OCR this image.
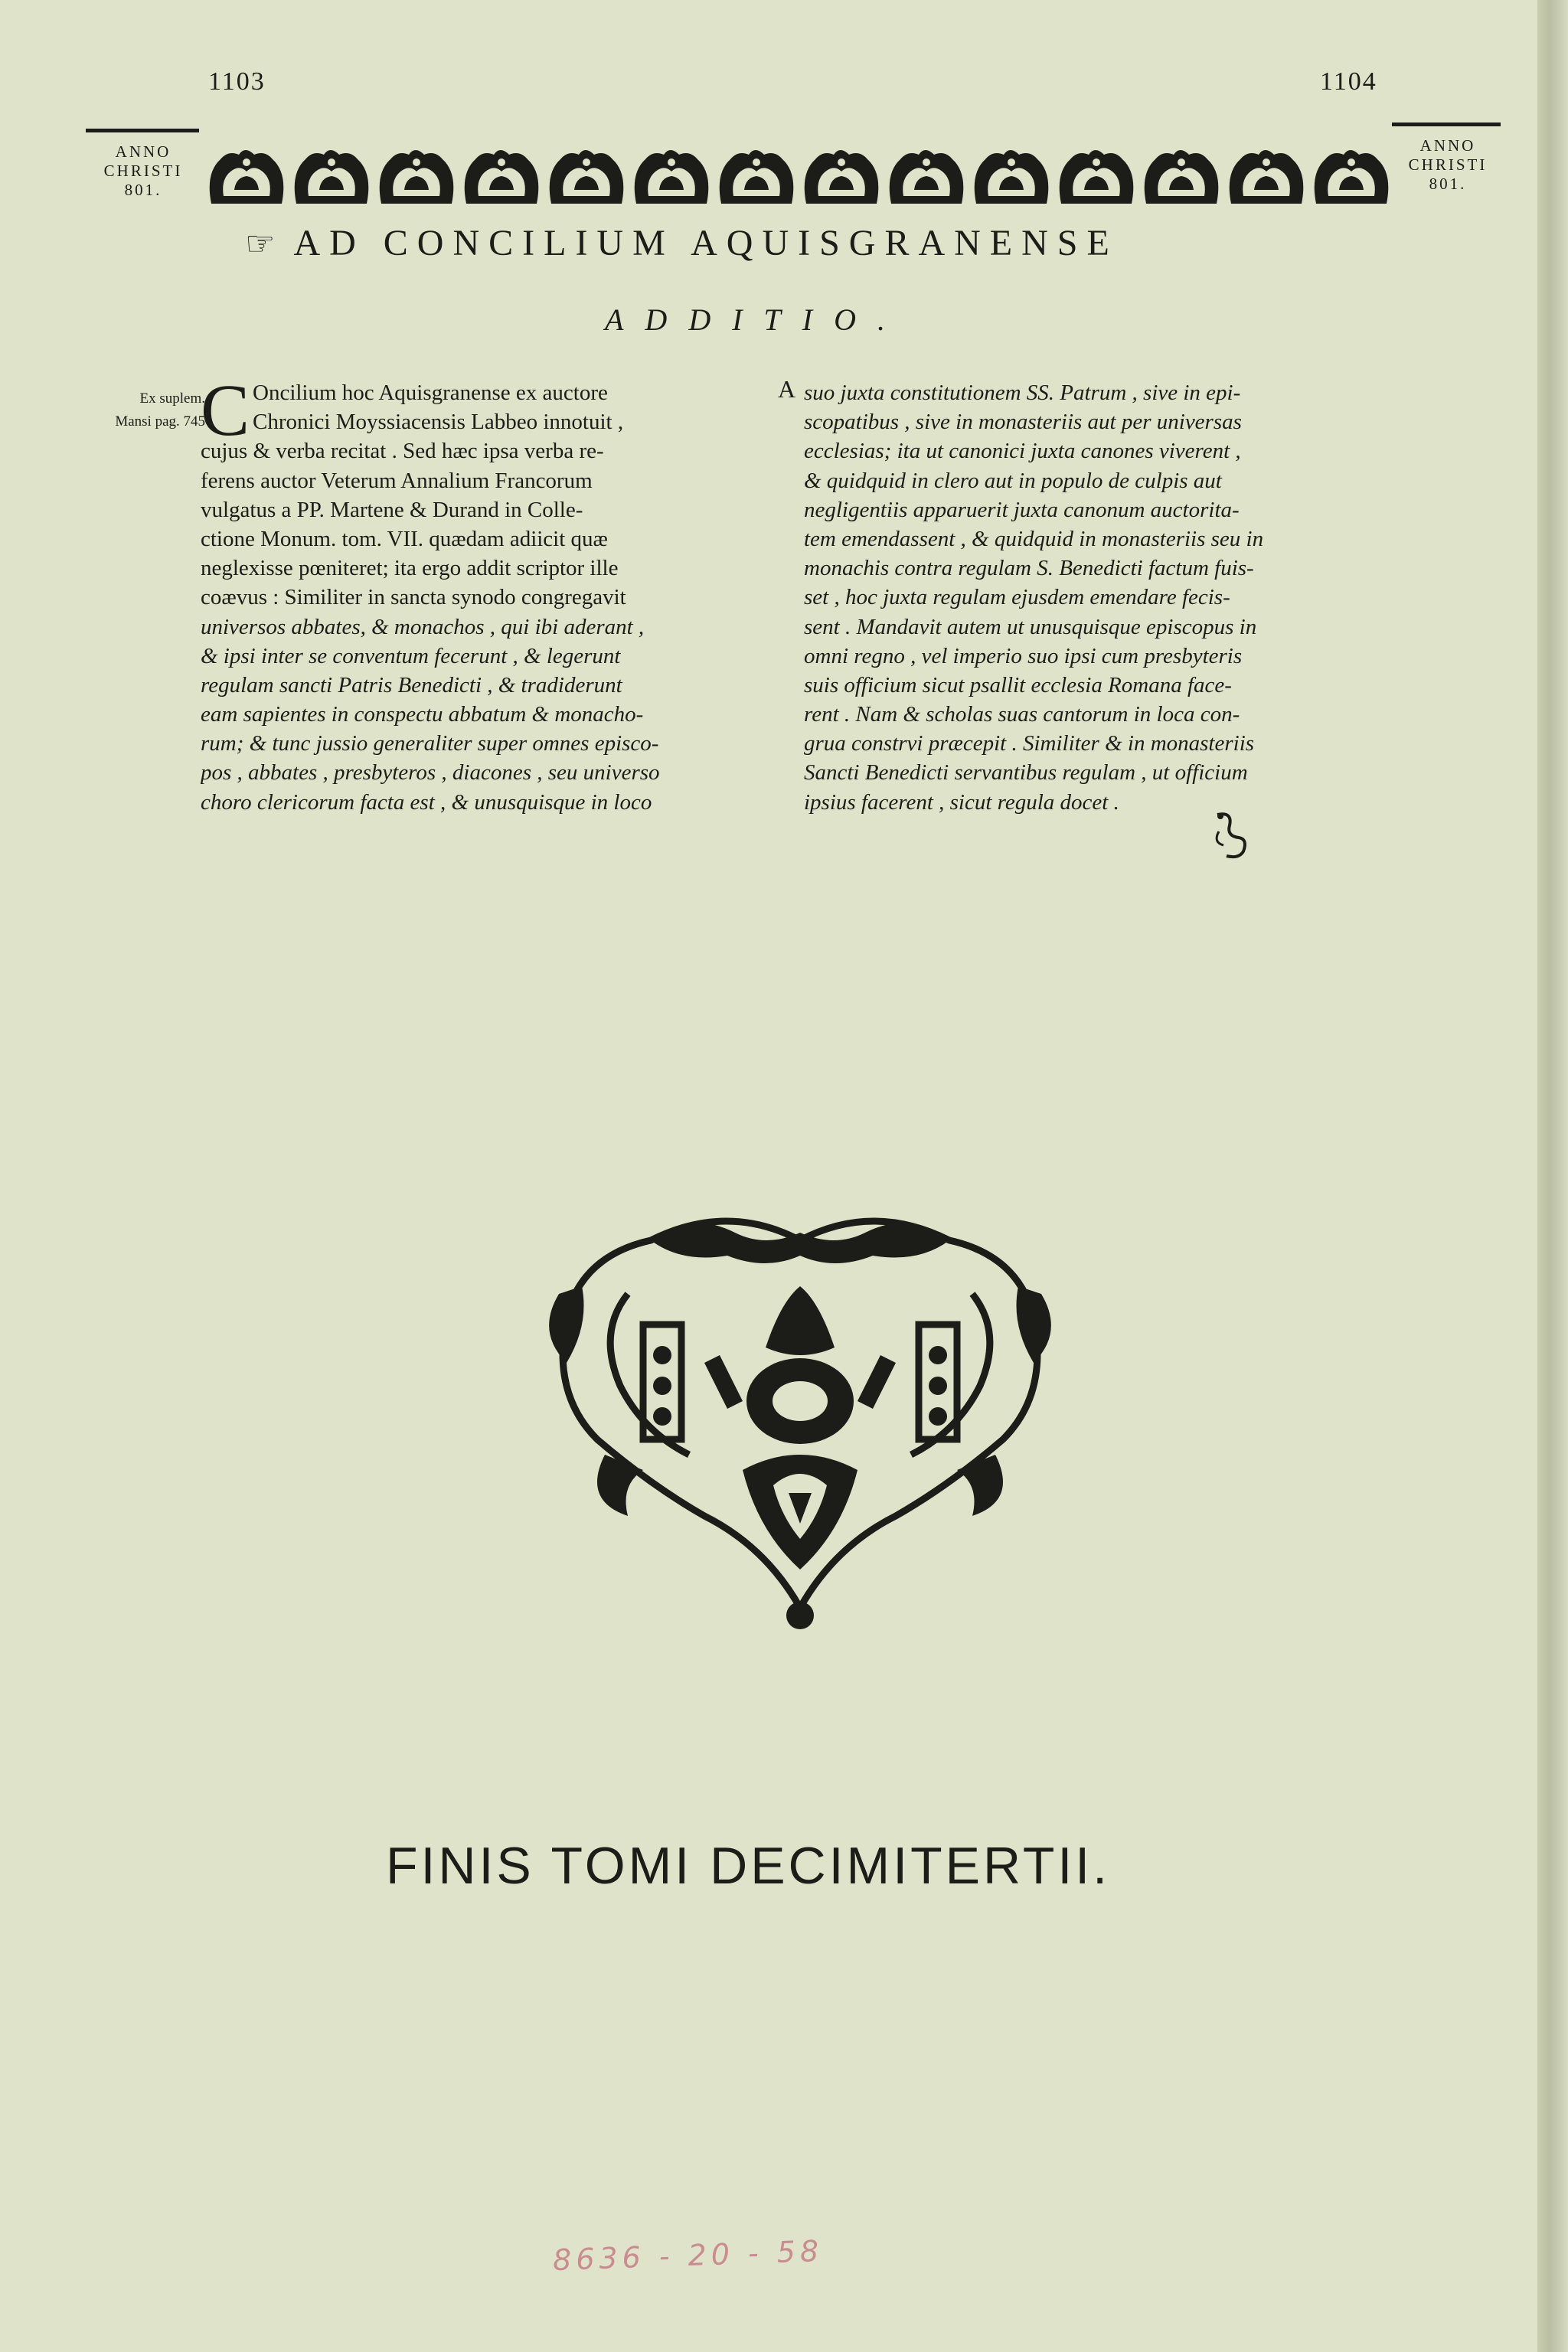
1103	1104
ANNO
CHRISTI
801.
ANNO
CHRISTI
801.
☞ AD CONCILIUM AQUISGRANENSE
ADDITIO.
Ex suplem.
Mansi pag. 745
C Oncilium hoc Aquisgranense ex auctore
Chronici Moyssiacensis Labbeo innotuit ,
cujus & verba recitat . Sed hæc ipsa verba re-
ferens auctor Veterum Annalium Francorum
vulgatus a PP. Martene & Durand in Colle-
ctione Monum. tom. VII. quædam adiicit quæ
neglexisse pœniteret; ita ergo addit scriptor ille
coævus : Similiter in sancta synodo congregavit
universos abbates, & monachos , qui ibi aderant ,
& ipsi inter se conventum fecerunt , & legerunt
regulam sancti Patris Benedicti , & tradiderunt
eam sapientes in conspectu abbatum & monacho-
rum; & tunc jussio generaliter super omnes episco-
pos , abbates , presbyteros , diacones , seu universo
choro clericorum facta est , & unusquisque in loco
A suo juxta constitutionem SS. Patrum , sive in epi-
scopatibus , sive in monasteriis aut per universas
ecclesias; ita ut canonici juxta canones viverent ,
& quidquid in clero aut in populo de culpis aut
negligentiis apparuerit juxta canonum auctorita-
tem emendassent , & quidquid in monasteriis seu in
monachis contra regulam S. Benedicti factum fuis-
set , hoc juxta regulam ejusdem emendare fecis-
sent . Mandavit autem ut unusquisque episcopus in
omni regno , vel imperio suo ipsi cum presbyteris
suis officium sicut psallit ecclesia Romana face-
rent . Nam & scholas suas cantorum in loca con-
grua constrvi præcepit . Similiter & in monasteriis
Sancti Benedicti servantibus regulam , ut officium
ipsius facerent , sicut regula docet .
FINIS TOMI DECIMITERTII.
8636 - 20 - 58
